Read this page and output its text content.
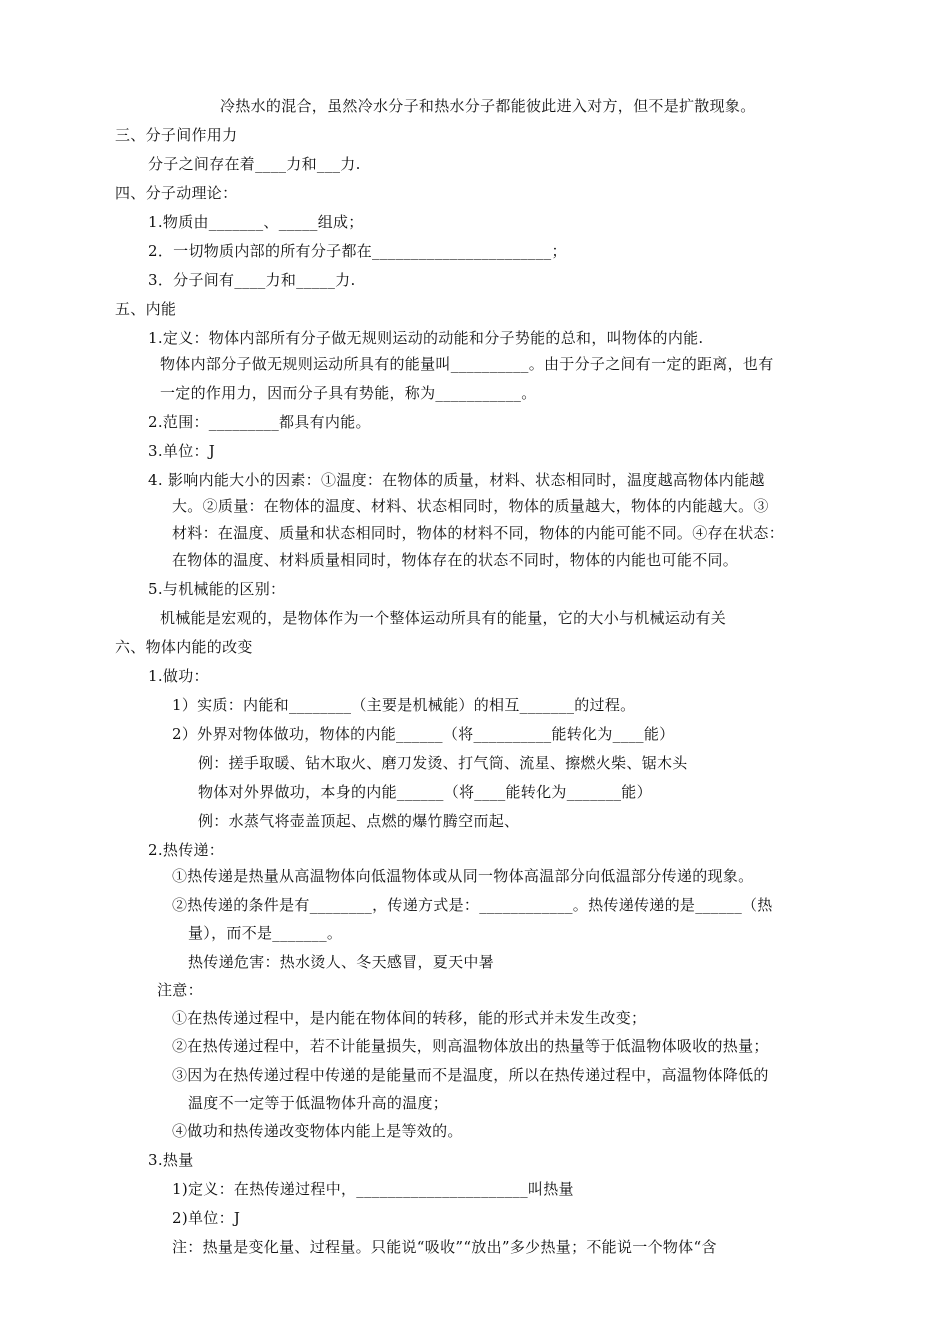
冷热水的混合，虽然冷水分子和热水分子都能彼此进入对方，但不是扩散现象。
三、分子间作用力
分子之间存在着____力和___力.
四、分子动理论：
1.物质由_______、_____组成；
2．一切物质内部的所有分子都在_______________________；
3．分子间有____力和_____力.
五、内能
1.定义：物体内部所有分子做无规则运动的动能和分子势能的总和，叫物体的内能.
物体内部分子做无规则运动所具有的能量叫__________。由于分子之间有一定的距离，也有
一定的作用力，因而分子具有势能，称为___________。
2.范围：_________都具有内能。
3.单位：J
4. 影响内能大小的因素：①温度：在物体的质量，材料、状态相同时，温度越高物体内能越
大。②质量：在物体的温度、材料、状态相同时，物体的质量越大，物体的内能越大。③
材料：在温度、质量和状态相同时，物体的材料不同，物体的内能可能不同。④存在状态：
在物体的温度、材料质量相同时，物体存在的状态不同时，物体的内能也可能不同。
5.与机械能的区别：
机械能是宏观的，是物体作为一个整体运动所具有的能量，它的大小与机械运动有关
六、物体内能的改变
1.做功：
1）实质：内能和________（主要是机械能）的相互_______的过程。
2）外界对物体做功，物体的内能______（将__________能转化为____能）
例：搓手取暖、钻木取火、磨刀发烫、打气筒、流星、擦燃火柴、锯木头
物体对外界做功，本身的内能______（将____能转化为_______能）
例：水蒸气将壶盖顶起、点燃的爆竹腾空而起、
2.热传递：
①热传递是热量从高温物体向低温物体或从同一物体高温部分向低温部分传递的现象。
②热传递的条件是有________，传递方式是：____________。热传递传递的是______（热
量），而不是_______。
热传递危害：热水烫人、冬天感冒，夏天中暑
注意：
①在热传递过程中，是内能在物体间的转移，能的形式并未发生改变；
②在热传递过程中，若不计能量损失，则高温物体放出的热量等于低温物体吸收的热量；
③因为在热传递过程中传递的是能量而不是温度，所以在热传递过程中，高温物体降低的
温度不一定等于低温物体升高的温度；
④做功和热传递改变物体内能上是等效的。
3.热量
1)定义：在热传递过程中，______________________叫热量
2)单位：J
注：热量是变化量、过程量。只能说“吸收”“放出”多少热量；不能说一个物体“含
